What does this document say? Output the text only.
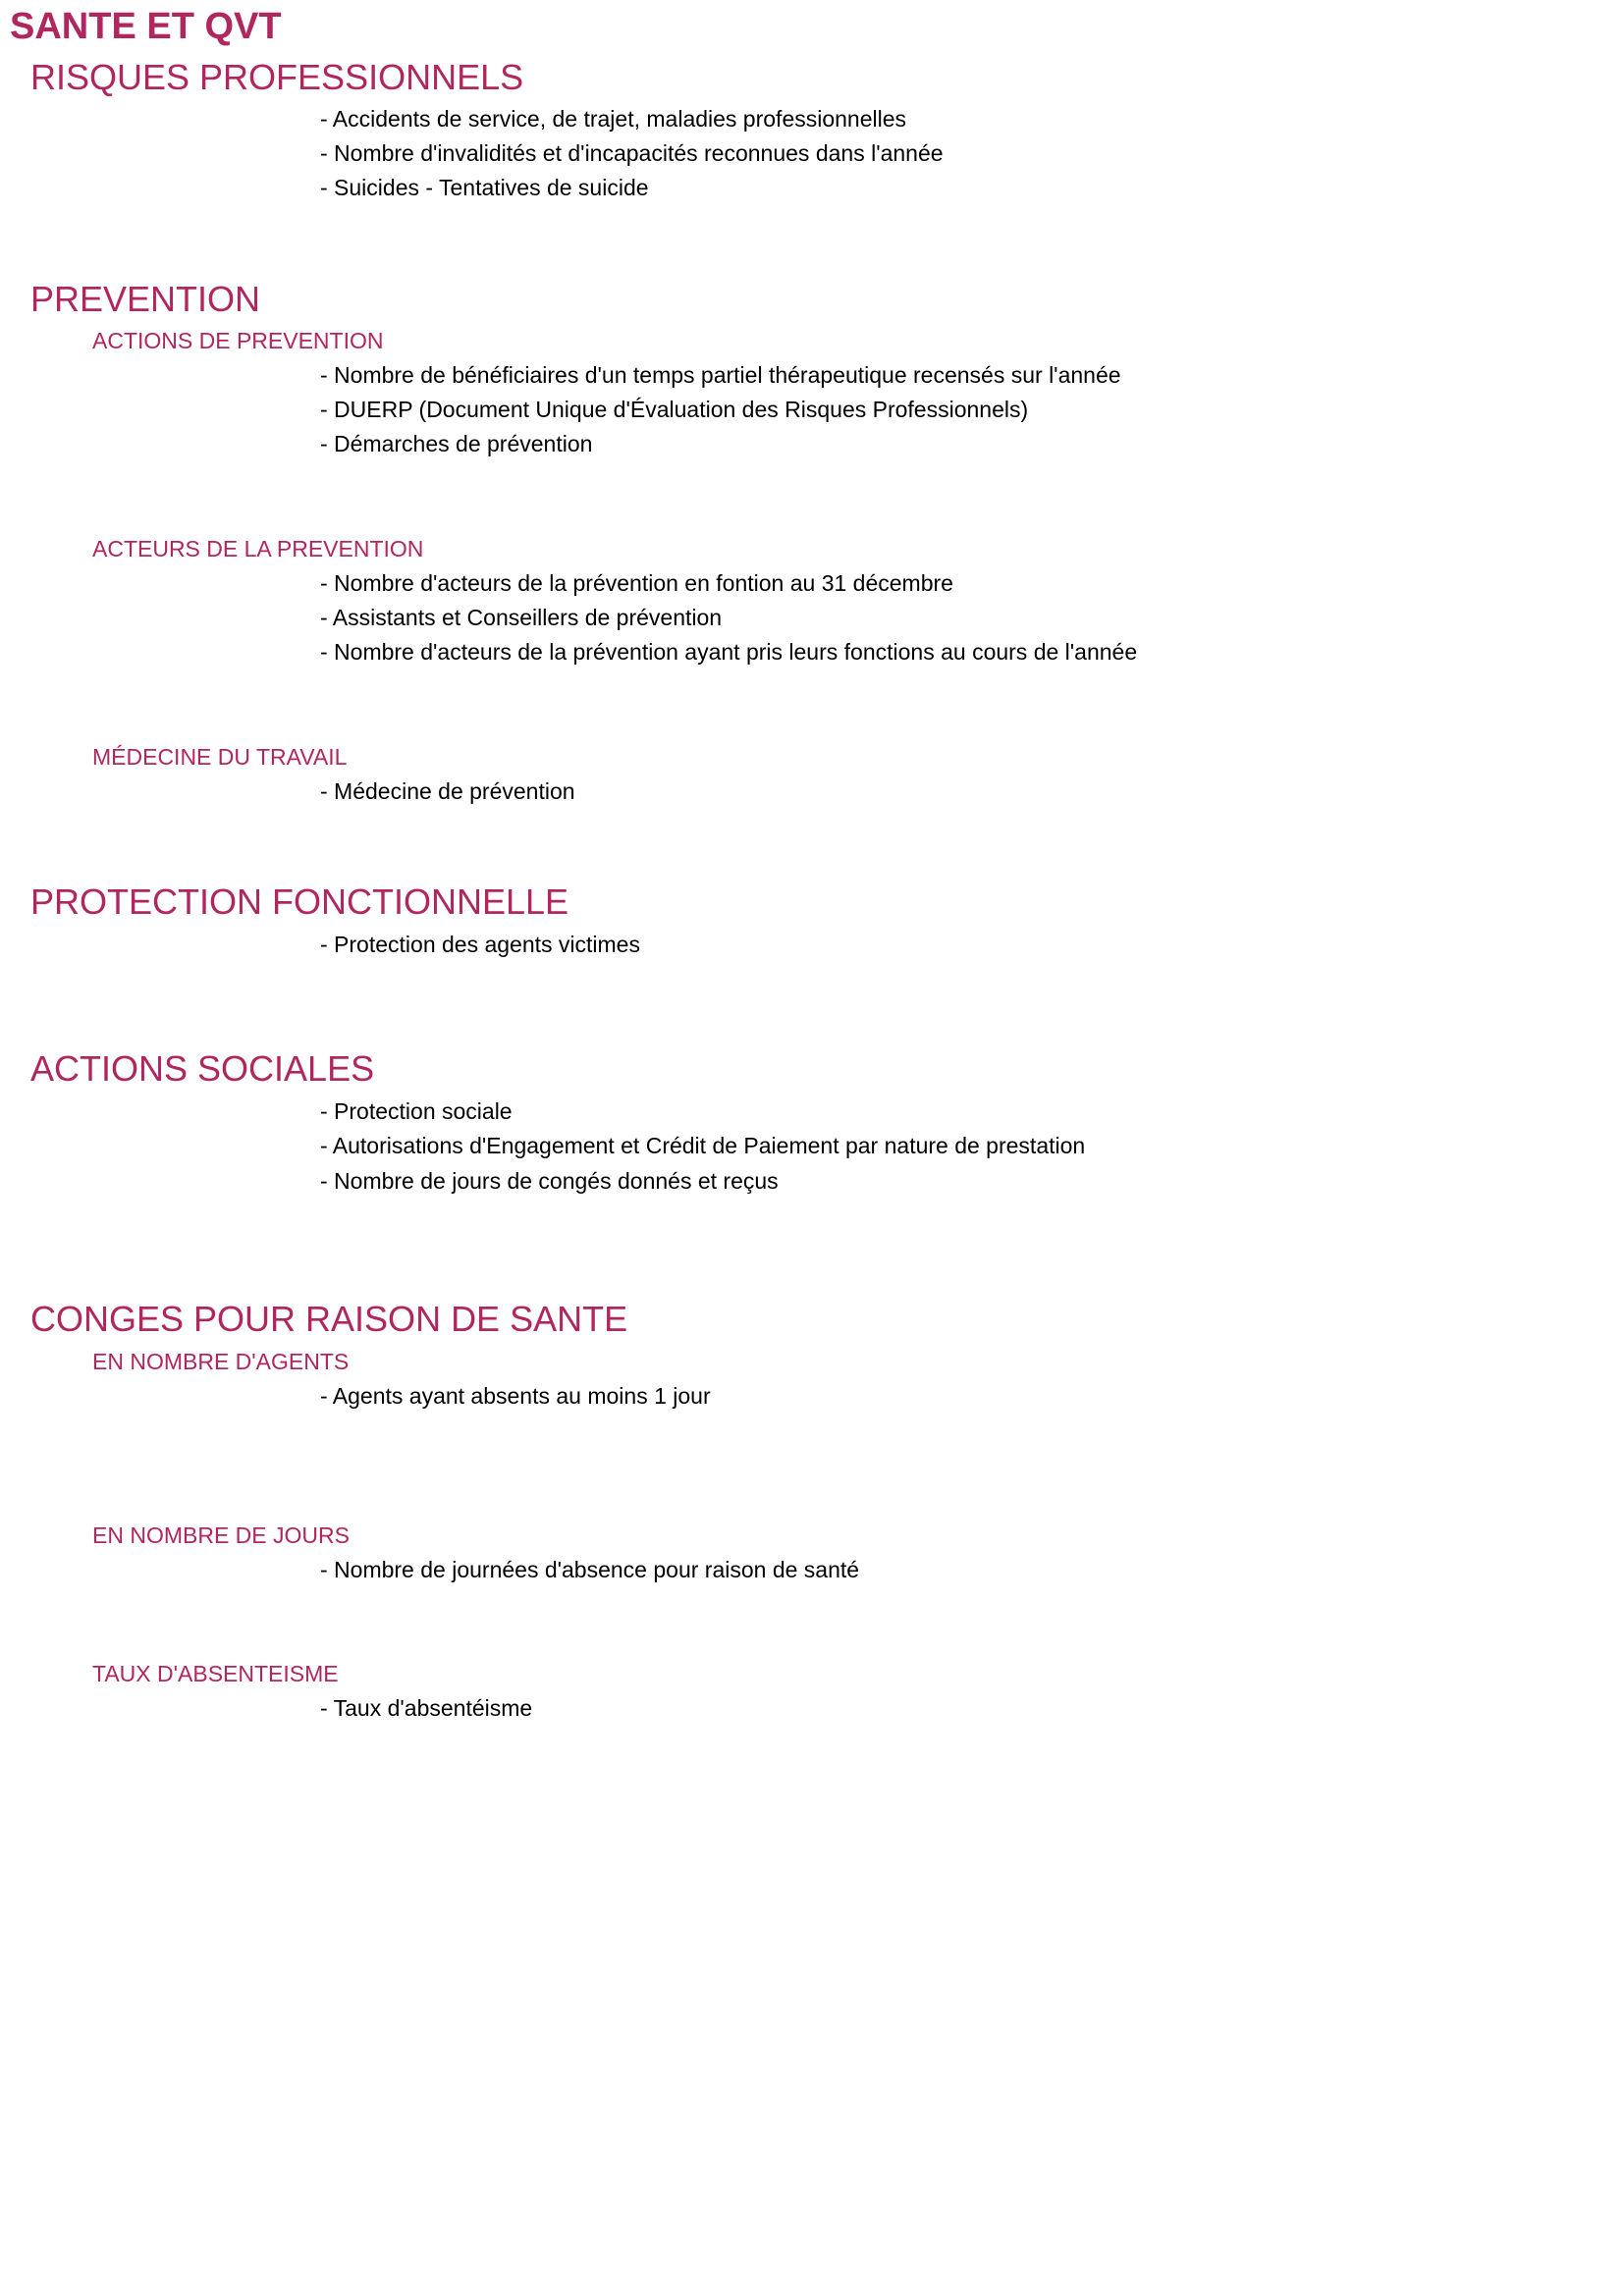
SANTE ET QVT
RISQUES PROFESSIONNELS
- Accidents de service, de trajet, maladies professionnelles
- Nombre d'invalidités et d'incapacités reconnues dans l'année
- Suicides - Tentatives de suicide
PREVENTION
ACTIONS DE PREVENTION
- Nombre de bénéficiaires d'un temps partiel thérapeutique recensés sur l'année
- DUERP (Document Unique d'Évaluation des Risques Professionnels)
- Démarches de prévention
ACTEURS DE LA PREVENTION
- Nombre d'acteurs de la prévention en fontion au 31 décembre
- Assistants et Conseillers de prévention
- Nombre d'acteurs de la prévention ayant pris leurs fonctions au cours de l'année
MÉDECINE DU TRAVAIL
- Médecine de prévention
PROTECTION FONCTIONNELLE
- Protection des agents victimes
ACTIONS SOCIALES
- Protection sociale
- Autorisations d'Engagement et Crédit de Paiement par nature de prestation
- Nombre de jours de congés donnés et reçus
CONGES POUR RAISON DE SANTE
EN NOMBRE D'AGENTS
- Agents ayant absents au moins 1 jour
EN NOMBRE DE JOURS
- Nombre de journées d'absence pour raison de santé
TAUX D'ABSENTEISME
- Taux d'absentéisme
